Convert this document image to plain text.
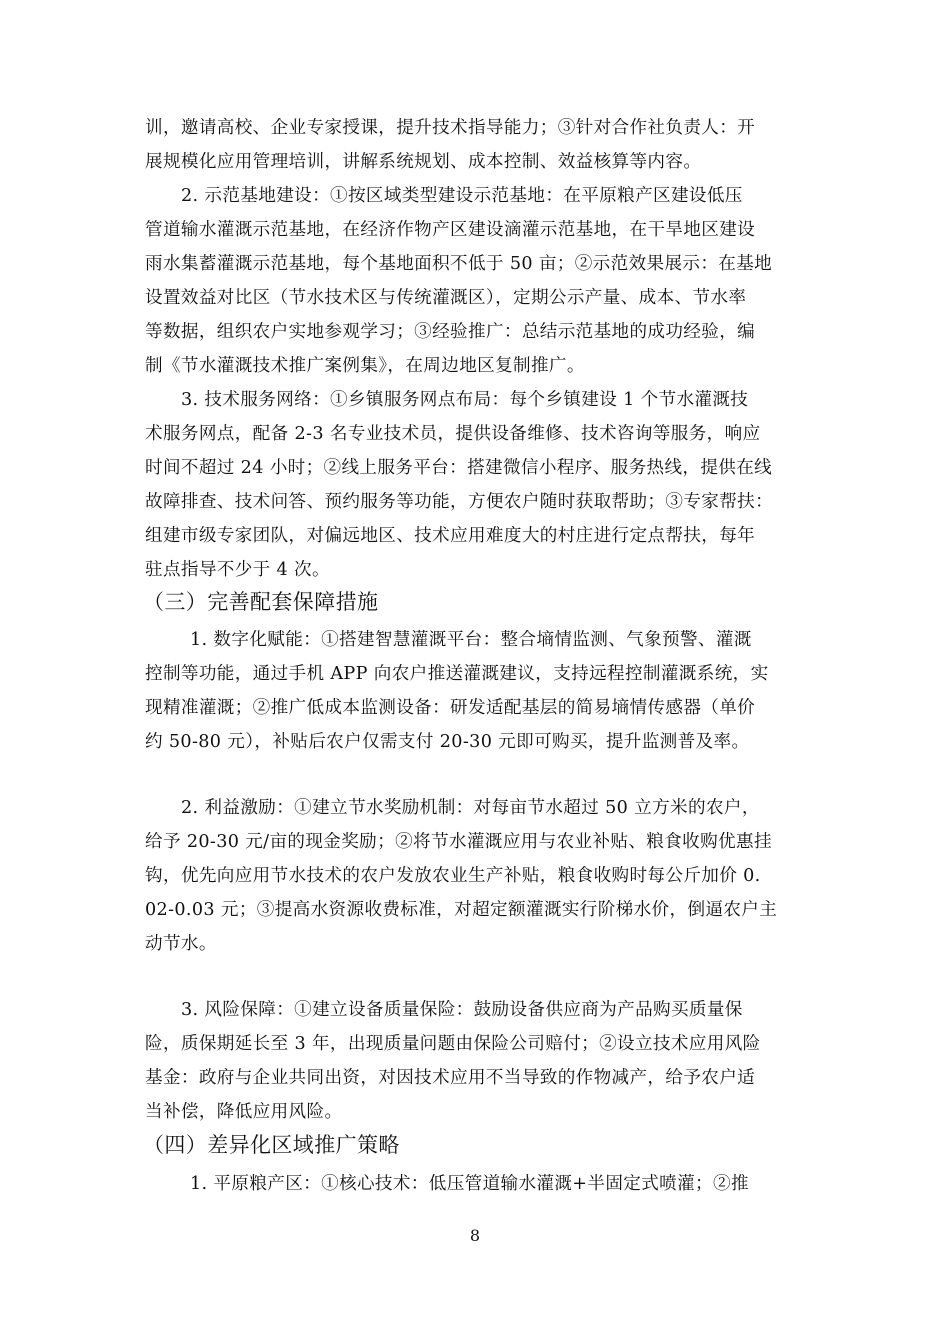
训，邀请高校、企业专家授课，提升技术指导能力；③针对合作社负责人：开
展规模化应用管理培训，讲解系统规划、成本控制、效益核算等内容。
2. 示范基地建设：①按区域类型建设示范基地：在平原粮产区建设低压
管道输水灌溉示范基地，在经济作物产区建设滴灌示范基地，在干旱地区建设
雨水集蓄灌溉示范基地，每个基地面积不低于 50 亩；②示范效果展示：在基地
设置效益对比区（节水技术区与传统灌溉区），定期公示产量、成本、节水率
等数据，组织农户实地参观学习；③经验推广：总结示范基地的成功经验，编
制《节水灌溉技术推广案例集》，在周边地区复制推广。
3. 技术服务网络：①乡镇服务网点布局：每个乡镇建设 1 个节水灌溉技
术服务网点，配备 2-3 名专业技术员，提供设备维修、技术咨询等服务，响应
时间不超过 24 小时；②线上服务平台：搭建微信小程序、服务热线，提供在线
故障排查、技术问答、预约服务等功能，方便农户随时获取帮助；③专家帮扶：
组建市级专家团队，对偏远地区、技术应用难度大的村庄进行定点帮扶，每年
驻点指导不少于 4 次。
（三）完善配套保障措施
1. 数字化赋能：①搭建智慧灌溉平台：整合墒情监测、气象预警、灌溉
控制等功能，通过手机 APP 向农户推送灌溉建议，支持远程控制灌溉系统，实
现精准灌溉；②推广低成本监测设备：研发适配基层的简易墒情传感器（单价
约 50-80 元），补贴后农户仅需支付 20-30 元即可购买，提升监测普及率。
2. 利益激励：①建立节水奖励机制：对每亩节水超过 50 立方米的农户，
给予 20-30 元/亩的现金奖励；②将节水灌溉应用与农业补贴、粮食收购优惠挂
钩，优先向应用节水技术的农户发放农业生产补贴，粮食收购时每公斤加价 0.
02-0.03 元；③提高水资源收费标准，对超定额灌溉实行阶梯水价，倒逼农户主
动节水。
3. 风险保障：①建立设备质量保险：鼓励设备供应商为产品购买质量保
险，质保期延长至 3 年，出现质量问题由保险公司赔付；②设立技术应用风险
基金：政府与企业共同出资，对因技术应用不当导致的作物减产，给予农户适
当补偿，降低应用风险。
（四）差异化区域推广策略
1. 平原粮产区：①核心技术：低压管道输水灌溉+半固定式喷灌；②推
8
